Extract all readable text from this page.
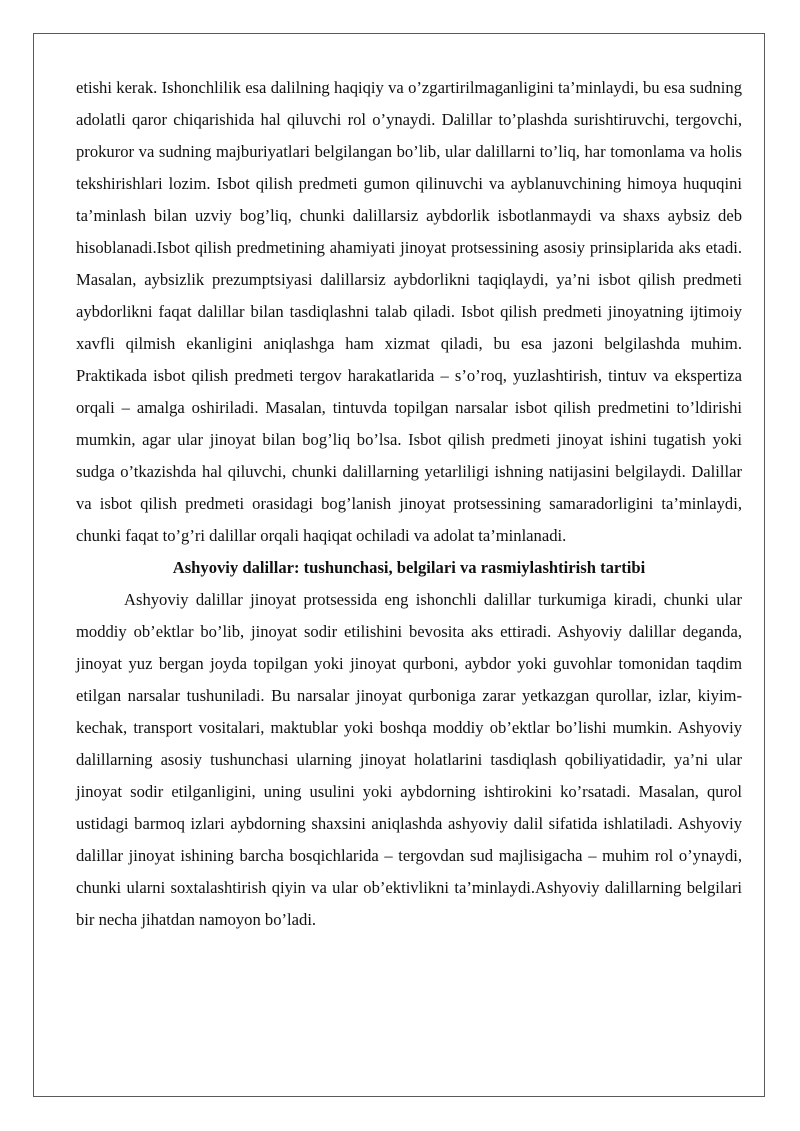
etishi kerak. Ishonchlilik esa dalilning haqiqiy va o’zgartirilmaganligini ta’minlaydi, bu esa sudning adolatli qaror chiqarishida hal qiluvchi rol o’ynaydi. Dalillar to’plashda surishtiruvchi, tergovchi, prokuror va sudning majburiyatlari belgilangan bo’lib, ular dalillarni to’liq, har tomonlama va holis tekshirishlari lozim. Isbot qilish predmeti gumon qilinuvchi va ayblanuvchining himoya huquqini ta’minlash bilan uzviy bog’liq, chunki dalillarsiz aybdorlik isbotlanmaydi va shaxs aybsiz deb hisoblanadi.Isbot qilish predmetining ahamiyati jinoyat protsessining asosiy prinsiplarida aks etadi. Masalan, aybsizlik prezumptsiyasi dalillarsiz aybdorlikni taqiqlaydi, ya’ni isbot qilish predmeti aybdorlikni faqat dalillar bilan tasdiqlashni talab qiladi. Isbot qilish predmeti jinoyatning ijtimoiy xavfli qilmish ekanligini aniqlashga ham xizmat qiladi, bu esa jazoni belgilashda muhim. Praktikada isbot qilish predmeti tergov harakatlarida – s’o’roq, yuzlashtirish, tintuv va ekspertiza orqali – amalga oshiriladi. Masalan, tintuvda topilgan narsalar isbot qilish predmetini to’ldirishi mumkin, agar ular jinoyat bilan bog’liq bo’lsa. Isbot qilish predmeti jinoyat ishini tugatish yoki sudga o’tkazishda hal qiluvchi, chunki dalillarning yetarliligi ishning natijasini belgilaydi. Dalillar va isbot qilish predmeti orasidagi bog’lanish jinoyat protsessining samaradorligini ta’minlaydi, chunki faqat to’g’ri dalillar orqali haqiqat ochiladi va adolat ta’minlanadi.

Ashyoviy dalillar: tushunchasi, belgilari va rasmiylashtirish tartibi

Ashyoviy dalillar jinoyat protsessida eng ishonchli dalillar turkumiga kiradi, chunki ular moddiy ob’ektlar bo’lib, jinoyat sodir etilishini bevosita aks ettiradi. Ashyoviy dalillar deganda, jinoyat yuz bergan joyda topilgan yoki jinoyat qurboni, aybdor yoki guvohlar tomonidan taqdim etilgan narsalar tushuniladi. Bu narsalar jinoyat qurboniga zarar yetkazgan qurollar, izlar, kiyim-kechak, transport vositalari, maktublar yoki boshqa moddiy ob’ektlar bo’lishi mumkin. Ashyoviy dalillarning asosiy tushunchasi ularning jinoyat holatlarini tasdiqlash qobiliyatidadir, ya’ni ular jinoyat sodir etilganligini, uning usulini yoki aybdorning ishtirokini ko’rsatadi. Masalan, qurol ustidagi barmoq izlari aybdorning shaxsini aniqlashda ashyoviy dalil sifatida ishlatiladi. Ashyoviy dalillar jinoyat ishining barcha bosqichlarida – tergovdan sud majlisigacha – muhim rol o’ynaydi, chunki ularni soxtalashtirish qiyin va ular ob’ektivlikni ta’minlaydi.Ashyoviy dalillarning belgilari bir necha jihatdan namoyon bo’ladi.
